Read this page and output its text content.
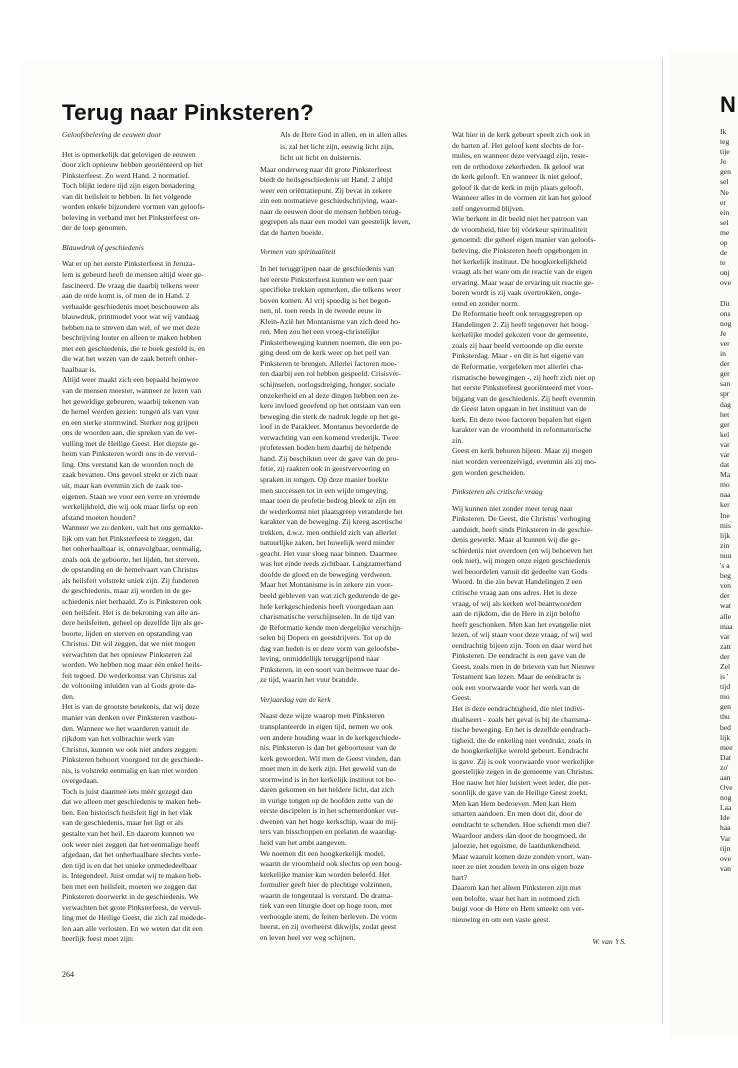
Terug naar Pinksteren?

Geloofsbeleving de eeuwen door

Het is opmerkelijk dat gelovigen de eeuwen
door zich opnieuw hebben georiënteerd op het
Pinksterfeest. Zo werd Hand. 2 normatief.
Toch blijkt iedere tijd zijn eigen benadering
van dit heilsfeit te hebben. In het volgende
worden enkele bijzondere vormen van geloofs-
beleving in verband met het Pinksterfeest on-
der de loep genomen.

Blauwdruk of geschiedenis

Wat er op het eerste Pinksterfeest in Jeruza-
lem is gebeurd heeft de mensen altijd weer ge-
fascineerd. De vraag die daarbij telkens weer
aan de orde komt is, of men de in Hand. 2
verhaalde geschiedenis moet beschouwen als
blauwdruk, printmodel voor wat wij vandaag
hebben na te streven dan wel, of we met deze
beschrijving louter en alleen te maken hebben
met een geschiedenis, die te boek gesteld is, en
die wat het wezen van de zaak betreft onher-
haalbaar is.

Altijd weer maakt zich een bepaald heimwee
van de mensen meester, wanneer ze lezen van
het geweldige gebeuren, waarbij tekenen van
de hemel werden gezien: tongen als van vuur
en een sterke stormwind. Sterker nog grijpen
ons de woorden aan, die spreken van de ver-
vulling met de Heilige Geest. Het diepste ge-
heim van Pinksteren wordt ons in de vervul-
ling. Ons verstand kan de woorden noch de
zaak bevatten. Ons gevoel strekt er zich naar
uit, maar kan evenmin zich de zaak toe-
eigenen. Staan we voor een verre en vreemde
werkelijkheid, die wij ook maar liefst op een
afstand moeten houden?

Wanneer we zo denken, valt het ons gemakke-
lijk om van het Pinksterfeest te zeggen, dat
het onherhaalbaar is, onnavolgbaar, eenmalig,
zoals ook de geboorte, het lijden, het sterven,
de opstanding en de hemelvaart van Christus
als heilsfeit volstrekt uniek zijn. Zij funderen
de geschiedenis, maar zij worden in de ge-
schiedenis niet herhaald. Zo is Pinksteren ook
een heilsfeit. Het is de bekroning van alle an-
dere heilsfeiten, geheel op dezelfde lijn als ge-
boorte, lijden en sterven en opstanding van
Christus. Dit wil zeggen, dat we niet mogen
verwachten dat het opnieuw Pinksteren zal
worden. We hebben nog maar één enkel heils-
feit tegoed. De wederkomst van Christus zal
de voltooiing inluiden van al Gods grote da-
den.

Het is van de grootste betekenis, dat wij deze
manier van denken over Pinksteren vasthou-
den. Wanneer we het waarderen vanuit de
rijkdom van het volbrachte werk van
Christus, kunnen we ook niet anders zeggen:
Pinksteren behoort voorgoed tot de geschiede-
nis, is volstrekt eenmalig en kan niet worden
overgedaan.

Toch is juist daarmee iets méér gezegd dan
dat we alleen met geschiedenis te maken heb-
ben. Een historisch heilsfeit ligt in het vlak
van de geschiedenis, maar het ligt er als
gestalte van het heil. En daarom kunnen we
ook weer niet zeggen dat het eenmalige heeft
afgedaan, dat het onherhaalbare slechts verle-
den tijd is en dat het unieke onmededeelbaar
is. Integendeel. Juist omdat wij te maken heb-
ben met een heilsfeit, moeten we zeggen dat
Pinksteren doorwerkt in de geschiedenis. We
verwachten het grote Pinksterfeest, de vervul-
ling met de Heilige Geest, die zich zal medede-
len aan alle verlosten. En we weten dat dit een
heerlijk feest moet zijn:

Als de Here God in allen, en in allen alles

is, zal het licht zijn, eeuwig licht zijn,

licht uit licht en duisternis.

Maar onderweg naar dit grote Pinksterfeest
biedt de heilsgeschiedenis uit Hand. 2 altijd
weer een oriëntatiepunt. Zij bevat in zekere
zin een normatieve geschiedschrijving, waar-
naar de eeuwen door de mensen hebben terug-
gegrepen als naar een model van geestelijk leven,
dat de harten boeide.

Vormen van spiritualiteit

In het teruggrijpen naar de geschiedenis van
het eerste Pinksterfeest kunnen we een paar
specifieke trekken opmerken, die telkens weer
boven komen. Al vrij spoedig is het begon-
nen, nl. toen reeds in de tweede eeuw in
Klein-Azië het Montanisme van zich deed ho-
ren. Men zou het een vroeg-christelijke
Pinksterbeweging kunnen noemen, die een po-
ging deed om de kerk weer op het peil van
Pinksteren te brengen. Allerlei factoren moe-
ten daarbij een rol hebben gespeeld. Crisisver-
schijnselen, oorlogsdreiging, honger, sociale
onzekerheid en al deze dingen hebben een ze-
kere invloed geoefend op het ontstaan van een
beweging die sterk de nadruk legde op het ge-
loof in de Parakleet. Montanus bevorderde de
verwachting van een komend vrederijk. Twee
profetessen boden hem daarbij de helpende
hand. Zij beschikten over de gave van de pro-
fetie, zij raakten ook in geestvervoering en
spraken in tongen. Op deze manier boekte
men successen tot in een wijde omgeving,
maar toen de profetie bedrog bleek te zijn en
de wederkomst niet plaatsgreep veranderde het
karakter van de beweging. Zij kreeg ascetische
trekken, d.w.z. men onthield zich van allerlei
natuurlijke zaken, het huwelijk werd minder
geacht. Het vuur sloeg naar binnen. Daarmee
was het einde reeds zichtbaar. Langzamerhand
doofde de gloed en de beweging verdween.
Maar het Montanisme is in zekere zin voor-
beeld gebleven van wat zich gedurende de ge-
hele kerkgeschiedenis heeft voorgedaan aan
charismatische verschijnselen. In de tijd van
de Reformatie kende men dergelijke verschijn-
selen bij Dopers en geestdrijvers. Tot op de
dag van heden is er deze vorm van geloofsbe-
leving, onmiddellijk teruggrijpend naar
Pinksteren, in een soort van heimwee naar de-
ze tijd, waarin het vuur brandde.

Verjaardag van de kerk

Naast deze wijze waarop men Pinksteren
transplanteerde in eigen tijd, nemen we ook
een andere houding waar in de kerkgeschiede-
nis. Pinksteren is dan het geboorteuur van de
kerk geworden. Wil men de Geest vinden, dan
moet men in de kerk zijn. Het geweld van de
stormwind is in het kerkelijk instituut tot be-
daren gekomen en het heldere licht, dat zich
in vurige tongen op de hoofden zette van de
eerste discipelen is in het schemerdonker ver-
dwenen van het hoge kerkschip, waar de mij-
ters van bisschoppen en prelaten de waardig-
heid van het ambt aangeven.

We noemen dit een hoogkerkelijk model,
waarin de vroomheid ook slechts op een hoog-
kerkelijke manier kan worden beleefd. Het
formulier geeft hier de plechtige volzinnen,
waarin de tongentaal is verstard. De drama-
tiek van een liturgie doet op hoge toon, met
verhoogde stem, de feiten herleven. De vorm
heerst, en zij overheerst dikwijls, zodat geest
en leven heel ver weg schijnen.

Wat hier in de kerk gebeurt speelt zich ook in
de harten af. Het geloof kent slechts de for-
mules, en wanneer deze vervaagd zijn, reste-
ren de orthodoxe zekerheden. Ik geloof wat
de kerk gelooft. En wanneer ik niet geloof,
geloof ik dat de kerk in mijn plaats gelooft.
Wanneer alles in de vormen zit kan het geloof
zelf ongevormd blijven.

Wie herkent in dit beeld niet het patroon van
de vroomheid, hier bij vóórkeur spiritualiteit
genoemd: die geheel eigen manier van geloofs-
beleving, die Pinksteren heeft opgeborgen in
het kerkelijk instituut. De hoogkerkelijkheid
vraagt als het ware om de reactie van de eigen
ervaring. Maar waar de ervaring uit reactie ge-
boren wordt is zij vaak overtrokken, onge-
remd en zonder norm.

De Reformatie heeft ook teruggegrepen op
Handelingen 2. Zij heeft tegenover het hoog-
kerkelijke model gekozen voor de gemeente,
zoals zij haar beeld vertoonde op die eerste
Pinksterdag. Maar - en dit is het eigene van
de Reformatie, vergeleken met allerlei cha-
rismatische bewegingen -, zij heeft zich niet op
het eerste Pinksterfeest georiënteerd met voor-
bijgang van de geschiedenis. Zij heeft evenmin
de Geest laten opgaan in het instituut van de
kerk. En deze twee factoren bepalen het eigen
karakter van de vroomheid in reformatorische
zin.

Geest en kerk behoren bijeen. Maar zij mogen
niet worden vereenzelvigd, evenmin als zij mo-
gen worden gescheiden.

Pinksteren als critische vraag

Wij kunnen niet zonder meer terug naar
Pinksteren. De Geest, die Christus’ verhoging
aanduidt, heeft sinds Pinksteren in de geschie-
denis gewerkt. Maar al kunnen wij die ge-
schiedenis niet overdoen (en wij behoeven het
ook niet), wij mogen onze eigen geschiedenis
wel beoordelen vanuit dit gedeelte van Gods
Woord. In die zin bevat Handelingen 2 een
critische vraag aan ons adres. Het is deze
vraag, of wij als kerken wel beantwoorden
aan de rijkdom, die de Here in zijn belofte
heeft geschonken. Men kan het evangelie niet
lezen, of wij staan voor deze vraag, of wij wel
eendrachtig bijeen zijn. Toen en daar werd het
Pinksteren. De eendracht is een gave van de
Geest, zoals men in de brieven van het Nieuwe
Testament kan lezen. Maar de eendracht is
ook een voorwaarde voor het werk van de
Geest.

Het is deze eendrachtigheid, die niet indivi-
dualiseert - zoals het geval is bij de charisma-
tische beweging. En het is dezelfde eendrach-
tigheid, die de enkeling niet verdrukt, zoals in
de hoogkerkelijke wereld gebeurt. Eendracht
is gave. Zij is ook voorwaarde voor werkelijke
geestelijke zegen in de gemeente van Christus.
Hoe nauw het hier luistert weet ieder, die per-
soonlijk de gave van de Heilige Geest zoekt.
Men kan Hem bedroeven. Men kan Hem
smarten aandoen. En men doet dit, door de
eendracht te schenden. Hoe schendt men die?
Waardoor anders dan door de hoogmoed, de
jaloezie, het egoïsme, de laatdunkendheid.
Maar waaruit komen deze zonden voort, wan-
neer ze niet zouden leven in ons eigen boze
hart?

Daarom kan het alleen Pinksteren zijn met
een belofte, waar het hart in ootmoed zich
buigt voor de Here en Hem smeekt om ver-
nieuwing en om een vaste geest.

W. van ’t S.

264
N
Ik
teg
tije
Je
gen
sel
Ne
er
ein
sel
me
op
de
te
onj
ove

Dit
ons
nog
Je
ver
in
der
ger
san
spr
dag
het
ger
kel
var
var
dat
Ma
mo
naa
ker
Ine
mis
lijk
zin
nuu
's a
beg
ven
der
wat
alle
maa
var
zatt
der
Zel
is '
tijd
mo
gen
thu
bed
lijk
mee
Dat
zo'
aan
Ove
nog
Laa
Ide
haa
Var
rijn
ove
van
